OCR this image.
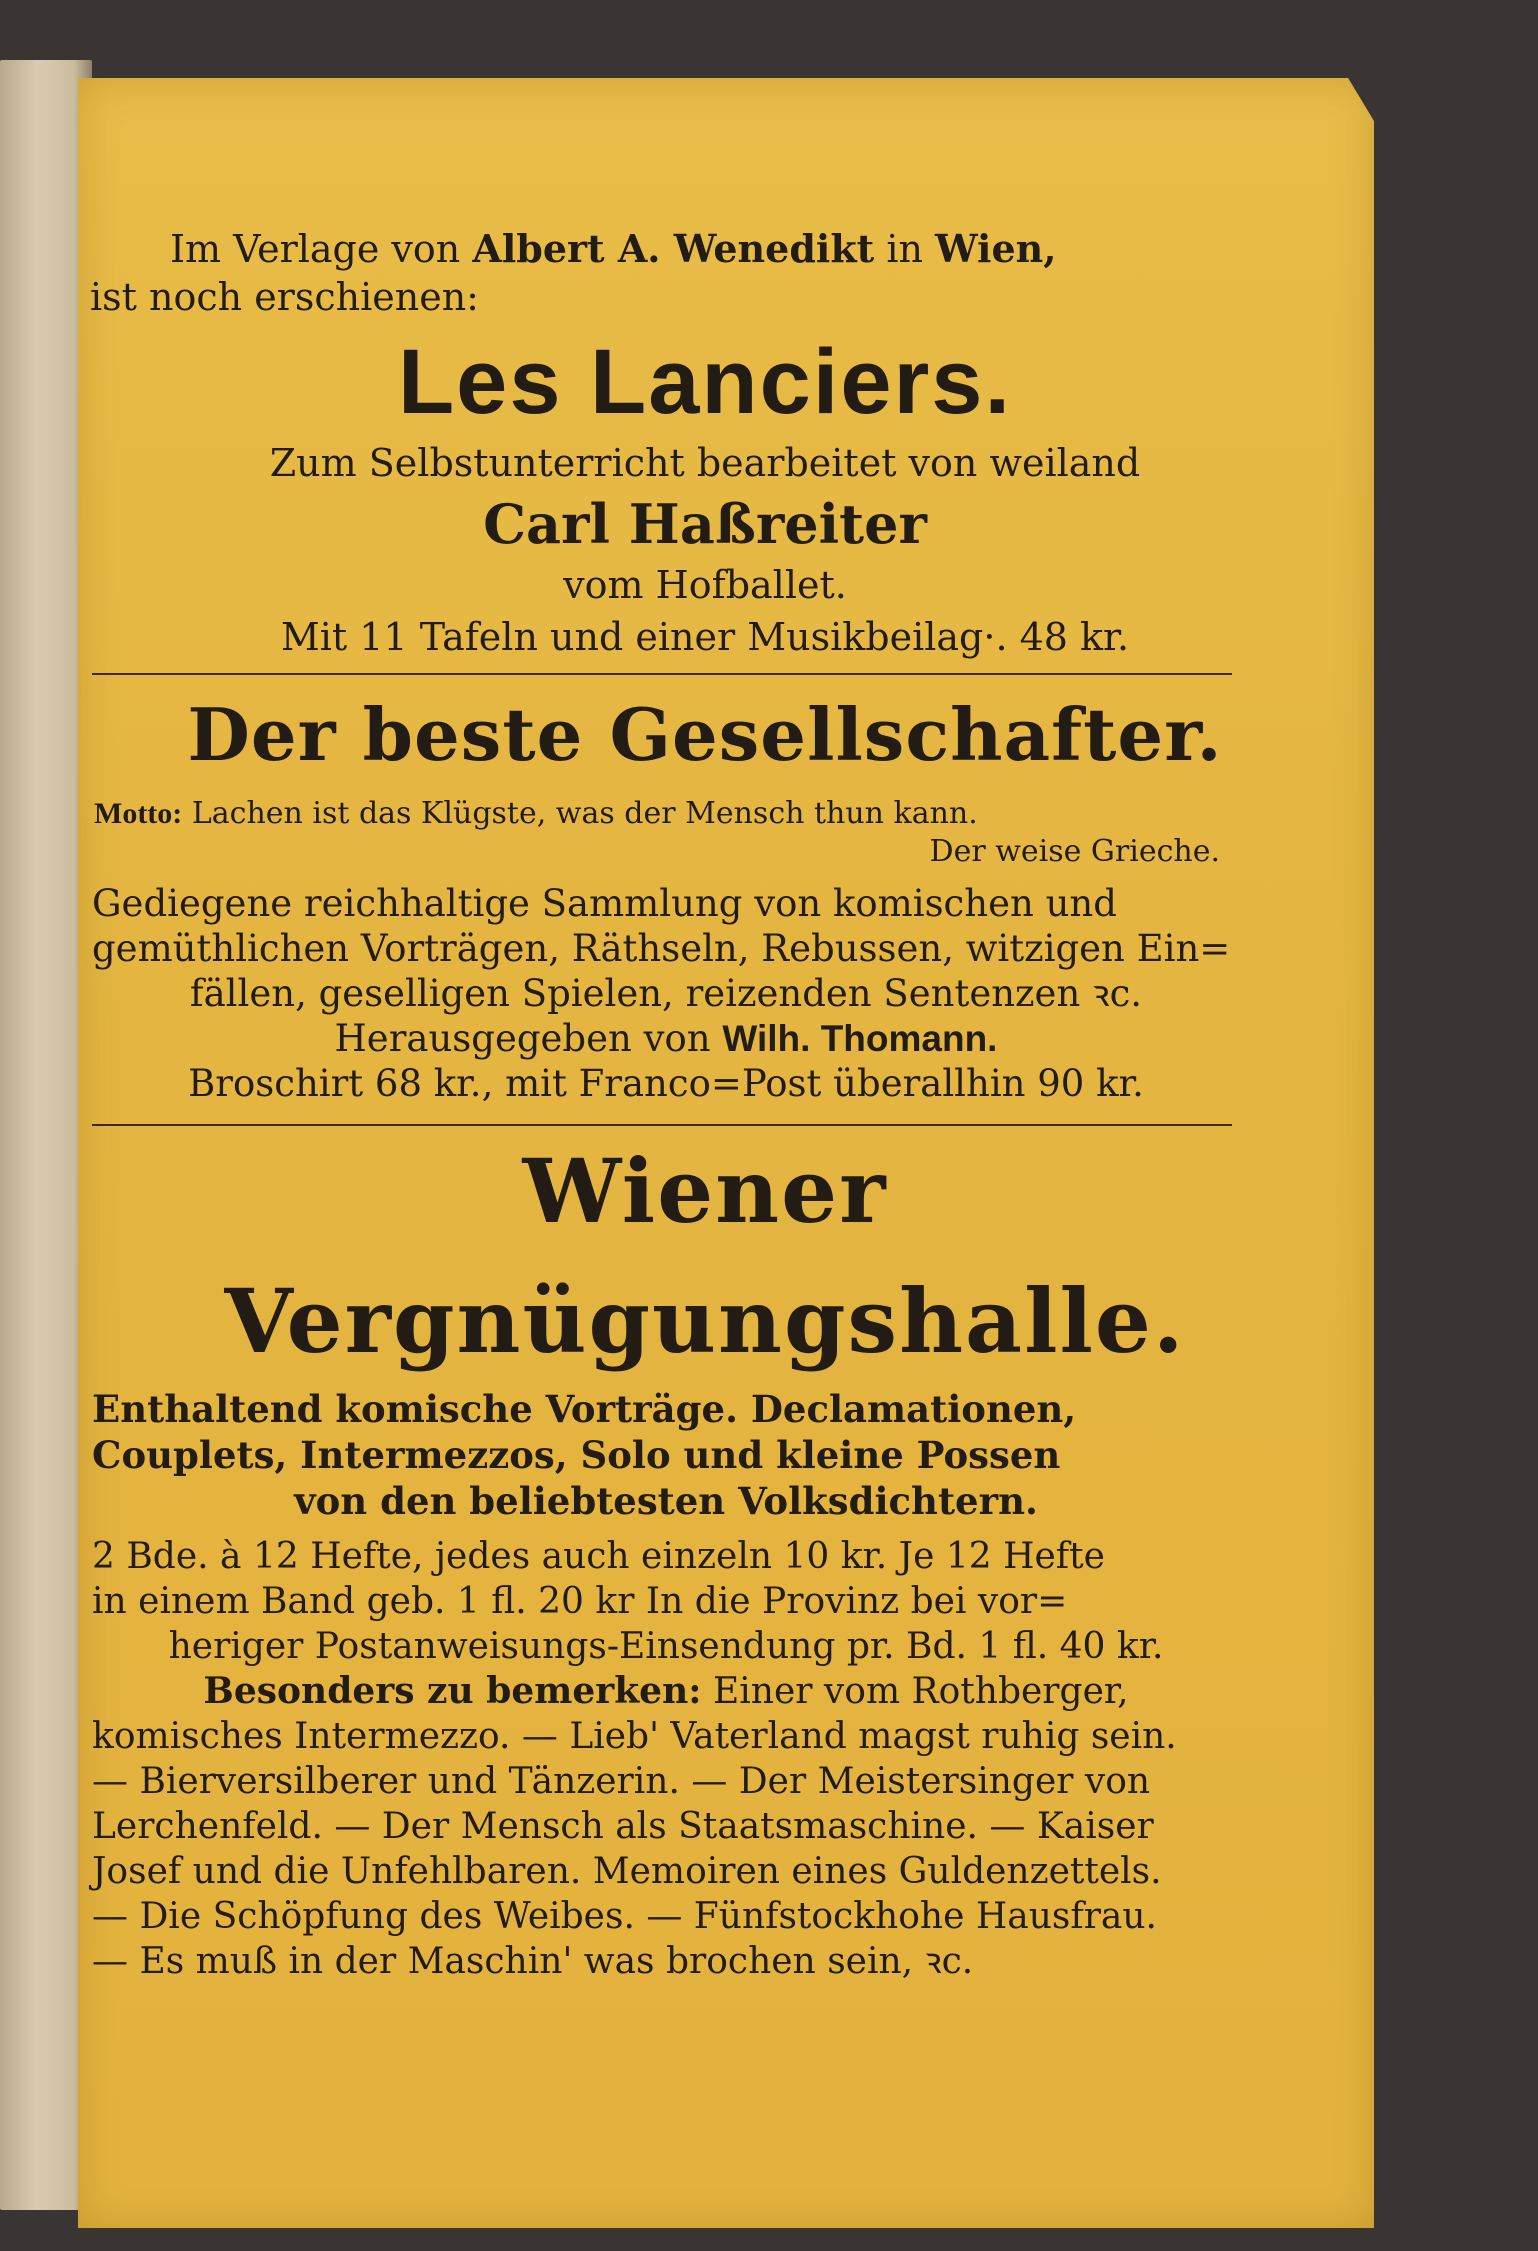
Im Verlage von Albert A. Wenedikt in Wien,
ist noch erschienen:
Les Lanciers.
Zum Selbstunterricht bearbeitet von weiland
Carl Haßreiter
vom Hofballet.
Mit 11 Tafeln und einer Musikbeilag·. 48 kr.
Der beste Gesellschafter.
Motto: Lachen ist das Klügste, was der Mensch thun kann.
Der weise Grieche.
Gediegene reichhaltige Sammlung von komischen und
gemüthlichen Vorträgen, Räthseln, Rebussen, witzigen Ein=
fällen, geselligen Spielen, reizenden Sentenzen ꝛc.
Herausgegeben von Wilh. Thomann.
Broschirt 68 kr., mit Franco=Post überallhin 90 kr.
Wiener Vergnügungshalle.
Enthaltend komische Vorträge. Declamationen,
Couplets, Intermezzos, Solo und kleine Possen
von den beliebtesten Volksdichtern.
2 Bde. à 12 Hefte, jedes auch einzeln 10 kr. Je 12 Hefte
in einem Band geb. 1 fl. 20 kr In die Provinz bei vor=
heriger Postanweisungs-Einsendung pr. Bd. 1 fl. 40 kr.
Besonders zu bemerken: Einer vom Rothberger,
komisches Intermezzo. — Lieb' Vaterland magst ruhig sein.
— Bierversilberer und Tänzerin. — Der Meistersinger von
Lerchenfeld. — Der Mensch als Staatsmaschine. — Kaiser
Josef und die Unfehlbaren. Memoiren eines Guldenzettels.
— Die Schöpfung des Weibes. — Fünfstockhohe Hausfrau.
— Es muß in der Maschin' was brochen sein, ꝛc.
